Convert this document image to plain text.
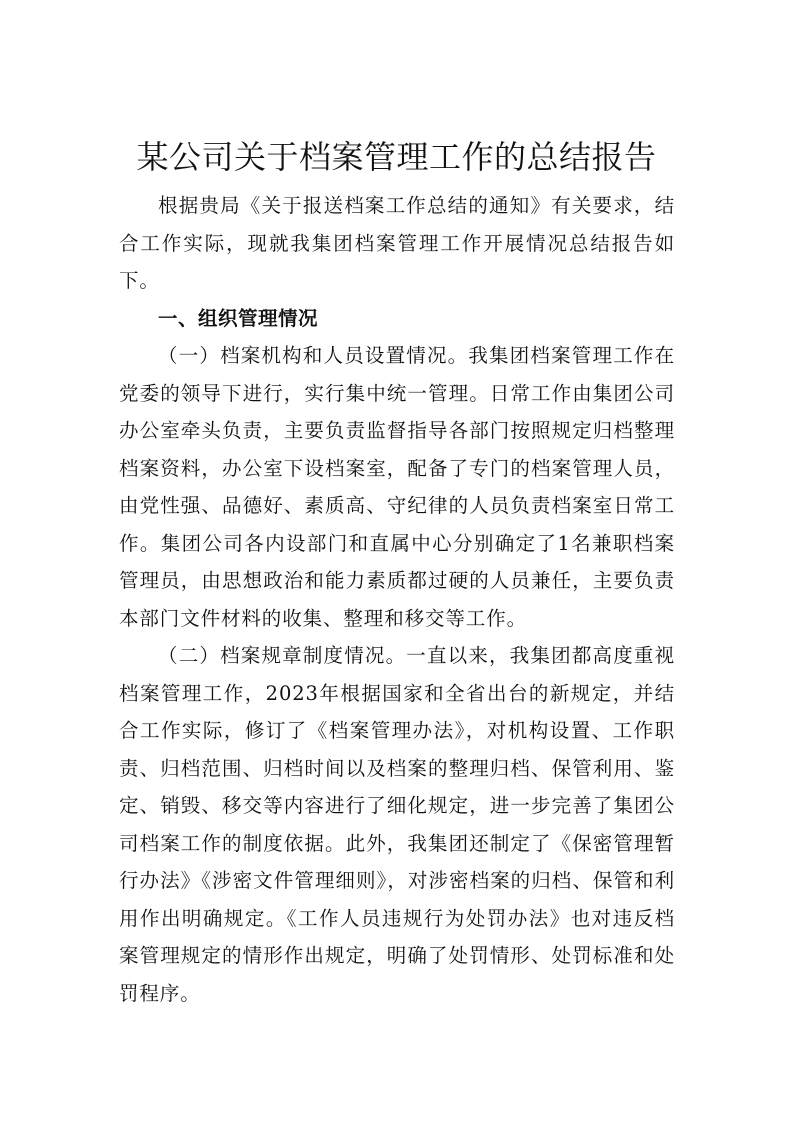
某公司关于档案管理工作的总结报告

根据贵局《关于报送档案工作总结的通知》有关要求，结合工作实际，现就我集团档案管理工作开展情况总结报告如下。

一、组织管理情况

（一）档案机构和人员设置情况。我集团档案管理工作在党委的领导下进行，实行集中统一管理。日常工作由集团公司办公室牵头负责，主要负责监督指导各部门按照规定归档整理档案资料，办公室下设档案室，配备了专门的档案管理人员，由党性强、品德好、素质高、守纪律的人员负责档案室日常工作。集团公司各内设部门和直属中心分别确定了1名兼职档案管理员，由思想政治和能力素质都过硬的人员兼任，主要负责本部门文件材料的收集、整理和移交等工作。

（二）档案规章制度情况。一直以来，我集团都高度重视档案管理工作，2023年根据国家和全省出台的新规定，并结合工作实际，修订了《档案管理办法》，对机构设置、工作职责、归档范围、归档时间以及档案的整理归档、保管利用、鉴定、销毁、移交等内容进行了细化规定，进一步完善了集团公司档案工作的制度依据。此外，我集团还制定了《保密管理暂行办法》《涉密文件管理细则》，对涉密档案的归档、保管和利用作出明确规定。《工作人员违规行为处罚办法》也对违反档案管理规定的情形作出规定，明确了处罚情形、处罚标准和处罚程序。
